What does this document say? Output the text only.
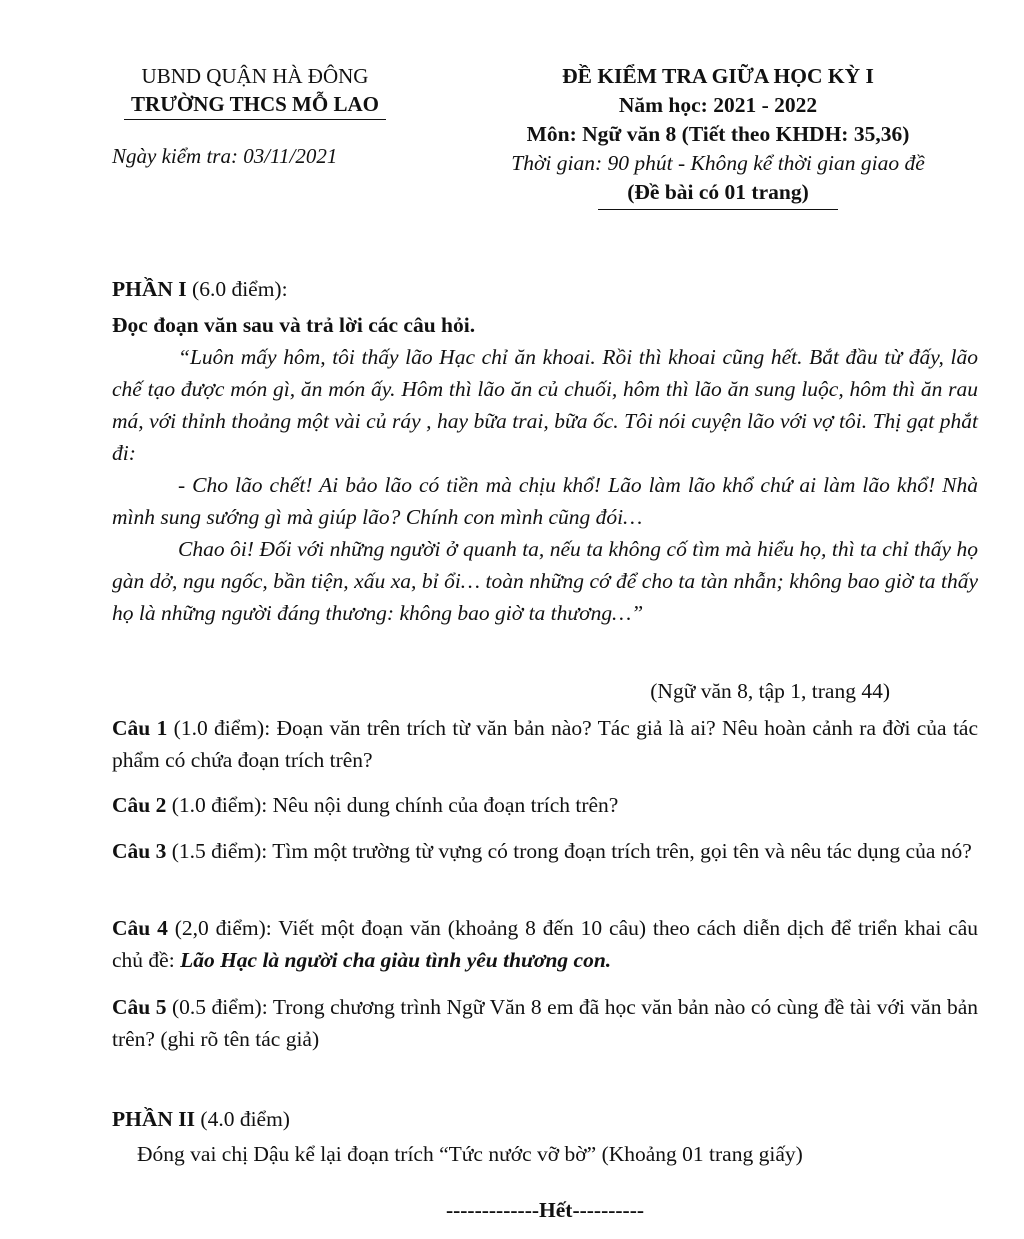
UBND QUẬN HÀ ĐÔNG
TRƯỜNG THCS MỖ LAO
Ngày kiểm tra: 03/11/2021
ĐỀ KIỂM TRA GIỮA HỌC KỲ I
Năm học: 2021 - 2022
Môn: Ngữ văn 8 (Tiết theo KHDH: 35,36)
Thời gian: 90 phút - Không kể thời gian giao đề
(Đề bài có 01 trang)
PHẦN I (6.0 điểm):
Đọc đoạn văn sau và trả lời các câu hỏi.
“Luôn mấy hôm, tôi thấy lão Hạc chỉ ăn khoai. Rồi thì khoai cũng hết. Bắt đầu từ đấy, lão chế tạo được món gì, ăn món ấy. Hôm thì lão ăn củ chuối, hôm thì lão ăn sung luộc, hôm thì ăn rau má, với thỉnh thoảng một vài củ ráy , hay bữa trai, bữa ốc. Tôi nói cuyện lão với vợ tôi. Thị gạt phắt đi:
- Cho lão chết! Ai bảo lão có tiền mà chịu khổ! Lão làm lão khổ chứ ai làm lão khổ! Nhà mình sung sướng gì mà giúp lão? Chính con mình cũng đói…
Chao ôi! Đối với những người ở quanh ta, nếu ta không cố tìm mà hiểu họ, thì ta chỉ thấy họ gàn dở, ngu ngốc, bần tiện, xấu xa, bỉ ổi… toàn những cớ để cho ta tàn nhẫn; không bao giờ ta thấy họ là những người đáng thương: không bao giờ ta thương…”
(Ngữ văn 8, tập 1, trang 44)
Câu 1 (1.0 điểm): Đoạn văn trên trích từ văn bản nào? Tác giả là ai? Nêu hoàn cảnh ra đời của tác phẩm có chứa đoạn trích trên?
Câu 2 (1.0 điểm): Nêu nội dung chính của đoạn trích trên?
Câu 3 (1.5 điểm): Tìm một trường từ vựng có trong đoạn trích trên, gọi tên và nêu tác dụng của nó?
Câu 4 (2,0 điểm): Viết một đoạn văn (khoảng 8 đến 10 câu) theo cách diễn dịch để triển khai câu chủ đề: Lão Hạc là người cha giàu tình yêu thương con.
Câu 5 (0.5 điểm): Trong chương trình Ngữ Văn 8 em đã học văn bản nào có cùng đề tài với văn bản trên? (ghi rõ tên tác giả)
PHẦN II (4.0 điểm)
Đóng vai chị Dậu kể lại đoạn trích “Tức nước vỡ bờ” (Khoảng 01 trang giấy)
-------------Hết----------
